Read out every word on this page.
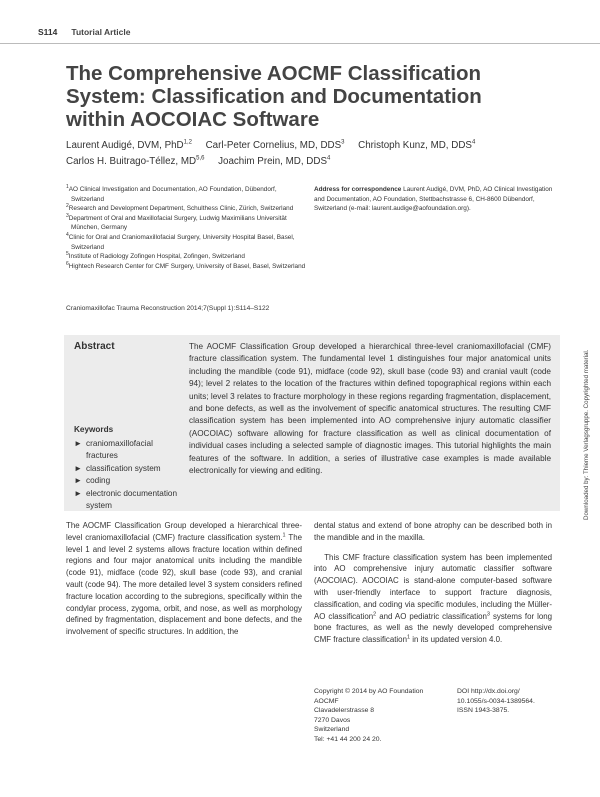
S114 Tutorial Article
The Comprehensive AOCMF Classification System: Classification and Documentation within AOCOIAC Software
Laurent Audigé, DVM, PhD$^{1,2}$ Carl-Peter Cornelius, MD, DDS$^3$ Christoph Kunz, MD, DDS$^4$
Carlos H. Buitrago-Téllez, MD$^{5,6}$ Joachim Prein, MD, DDS$^4$
$^1$AO Clinical Investigation and Documentation, AO Foundation, Dübendorf, Switzerland
$^2$Research and Development Department, Schulthess Clinic, Zürich, Switzerland
$^3$Department of Oral and Maxillofacial Surgery, Ludwig Maximilians Universität München, Germany
$^4$Clinic for Oral and Craniomaxillofacial Surgery, University Hospital Basel, Basel, Switzerland
$^5$Institute of Radiology Zofingen Hospital, Zofingen, Switzerland
$^6$Hightech Research Center for CMF Surgery, University of Basel, Basel, Switzerland
Address for correspondence Laurent Audigé, DVM, PhD, AO Clinical Investigation and Documentation, AO Foundation, Stettbachstrasse 6, CH-8600 Dübendorf, Switzerland (e-mail: laurent.audige@aofoundation.org).
Craniomaxillofac Trauma Reconstruction 2014;7(Suppl 1):S114–S122
Abstract	The AOCMF Classification Group developed a hierarchical three-level craniomaxillofacial (CMF) fracture classification system. The fundamental level 1 distinguishes four major anatomical units including the mandible (code 91), midface (code 92), skull base (code 93) and cranial vault (code 94); level 2 relates to the location of the fractures within defined topographical regions within each units; level 3 relates to fracture morphology in these regions regarding fragmentation, displacement, and bone defects, as well as the involvement of specific anatomical structures. The resulting CMF classification system has been implemented into AO comprehensive injury automatic classifier (AOCOIAC) software allowing for fracture classification as well as clinical documentation of individual cases including a selected sample of diagnostic images. This tutorial highlights the main features of the software. In addition, a series of illustrative case examples is made available electronically for viewing and editing.

Keywords
► craniomaxillofacial fractures
► classification system
► coding
► electronic documentation system

The AOCMF Classification Group developed a hierarchical three-level craniomaxillofacial (CMF) fracture classification system.$^1$ The level 1 and level 2 systems allows fracture location within defined regions and four major anatomical units including the mandible (code 91), midface (code 92), skull base (code 93), and cranial vault (code 94). The more detailed level 3 system considers refined fracture location according to the subregions, specifically within the condylar process, zygoma, orbit, and nose, as well as morphology defined by fragmentation, displacement and bone defects, and the involvement of specific structures. In addition, the

dental status and extend of bone atrophy can be described both in the mandible and in the maxilla.

This CMF fracture classification system has been implemented into AO comprehensive injury automatic classifier software (AOCOIAC). AOCOIAC is stand-alone computer-based software with user-friendly interface to support fracture diagnosis, classification, and coding via specific modules, including the Müller-AO classification$^2$ and AO pediatric classification$^3$ systems for long bone fractures, as well as the newly developed comprehensive CMF fracture classification$^1$ in its updated version 4.0.

Copyright © 2014 by AO Foundation
AOCMF
Clavadelerstrasse 8
7270 Davos
Switzerland
Tel: +41 44 200 24 20.
DOI http://dx.doi.org/
10.1055/s-0034-1389564.
ISSN 1943-3875.
Downloaded by: Thieme Verlagsgruppe. Copyrighted material.
